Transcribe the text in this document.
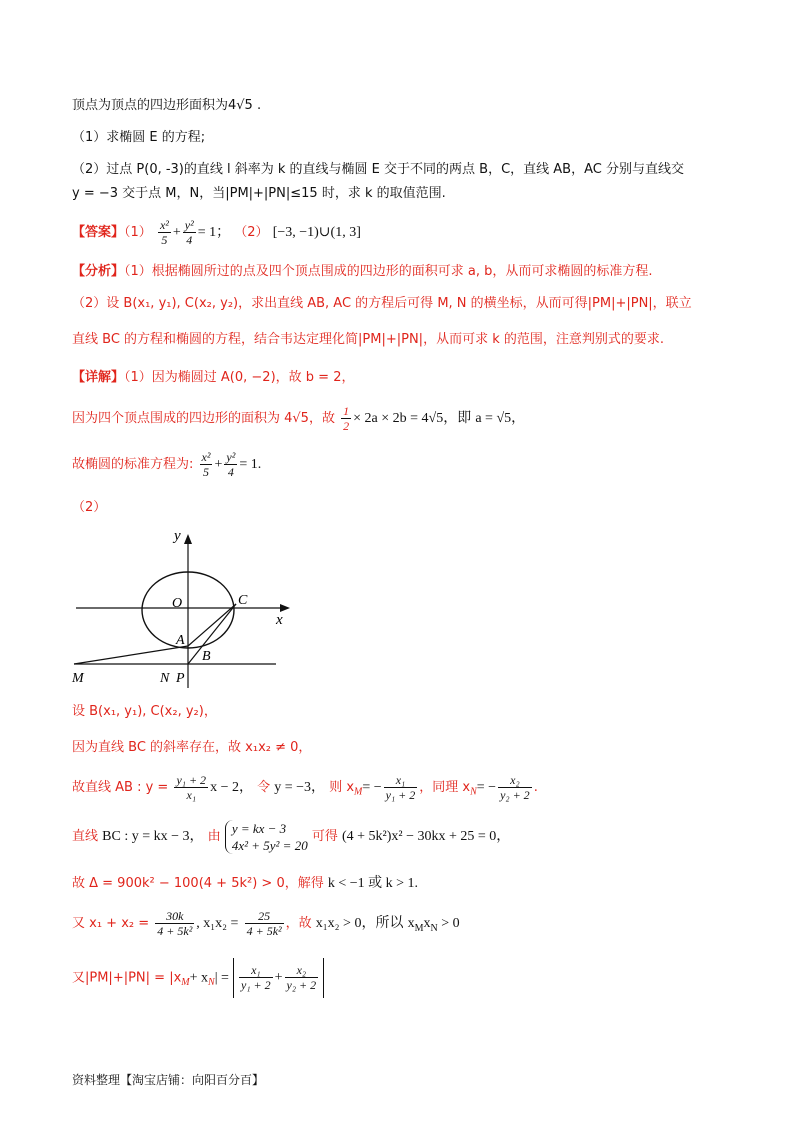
顶点为顶点的四边形面积为4√5 .
（1）求椭圆 E 的方程;
（2）过点 P(0, -3)的直线 l 斜率为 k 的直线与椭圆 E 交于不同的两点 B，C，直线 AB，AC 分别与直线交
y = −3 交于点 M，N，当|PM|+|PN|≤15 时，求 k 的取值范围.
【答案】$(1) \frac{\text{x²}}{5} + \frac{\text{y²}}{4} = 1$； （2） [−3, −1)∪(1, 3]
【分析】（1）根据椭圆所过的点及四个顶点围成的四边形的面积可求 a, b，从而可求椭圆的标准方程.
（2）设 B(x₁, y₁), C(x₂, y₂)，求出直线 AB, AC 的方程后可得 M, N 的横坐标，从而可得|PM|+|PN|，联立
直线 BC 的方程和椭圆的方程，结合韦达定理化简|PM|+|PN|，从而可求 k 的范围，注意判别式的要求.
【详解】（1）因为椭圆过 A(0, −2)，故 b = 2，
因为四个顶点围成的四边形的面积为 4√5，故 $\frac{1}{2} \times 2a \times 2b = 4√5$，即 a = √5，
故椭圆的标准方程为: $\frac{\text{x²}}{5} + \frac{\text{y²}}{4} = 1$.
（2）
y
x
O	C
A
B
M	N P
设 B(x₁, y₁), C(x₂, y₂)，
因为直线 BC 的斜率存在，故 x₁x₂ ≠ 0，
故直线 AB : $y = \frac{\text{y₁ + 2}}{\text{x₁}}$ x − 2， 令 y = −3， 则 $x_M= - \frac{\text{x₁}}{\text{y₁ + 2}}$ ，同理 $x_N= - \frac{\text{x₂}}{\text{y₂ + 2}}$ .
直线 BC : y = kx − 3， 由
y = kx − 3
4x² + 5y² = 20
可得 (4 + 5k²)x² − 30kx + 25 = 0，
故 Δ = 900k² − 100(4 + 5k²) > 0，解得 k < −1 或 k > 1.
又 $x_1 + x_2 = \frac{30k}{\text{4 + 5k²}}$ , $x_1x_2 = \frac{25}{\text{4 + 5k²}}$ ，故 x₁x₂ > 0，所以 $x_Mx_N > 0$
又$|PM|+|PN| = |x_M+ x_N| = \frac{\text{x₁}}{\text{y₁ + 2}} + \frac{\text{x₂}}{\text{y₂ + 2}}$
资料整理【淘宝店铺：向阳百分百】
